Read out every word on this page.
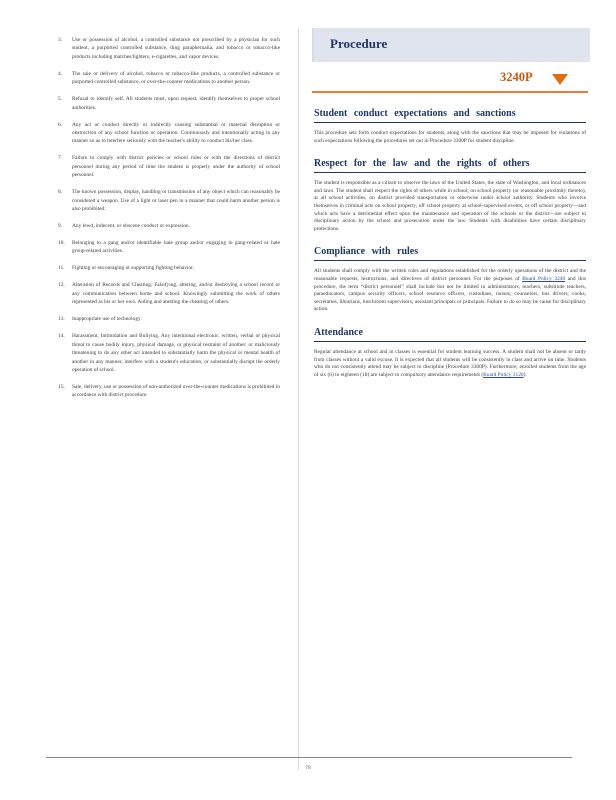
3.	Use or possession of alcohol, a controlled substance not prescribed by a physician for such student, a purported controlled substance, drug paraphernalia, and tobacco or tobacco-like products including matches/lighters, e-cigarettes, and vapor devices.
4.	The sale or delivery of alcohol, tobacco or tobacco-like products, a controlled substance or purported controlled substance, or over-the-counter medications to another person.
5.	Refusal to identify self. All students must, upon request, identify themselves to proper school authorities.
6.	Any act or conduct directly or indirectly causing substantial or material disruption or obstruction of any school function or operation. Continuously and intentionally acting in any manner so as to interfere seriously with the teacher's ability to conduct his/her class.
7.	Failure to comply with district policies or school rules or with the directions of district personnel during any period of time the student is properly under the authority of school personnel.
8.	The known possession, display, handling or transmission of any object which can reasonably be considered a weapon. Use of a light or laser pen in a manner that could harm another person is also prohibited.
9.	Any lewd, indecent, or obscene conduct or expression.
10.	Belonging to a gang and/or identifiable hate group and/or engaging in gang-related or hate group-related activities.
11.	Fighting or encouraging or supporting fighting behavior.
12.	Alteration of Records and Cheating. Falsifying, altering, and/or destroying a school record or any communication between home and school. Knowingly submitting the work of others represented as his or her own. Aiding and abetting the cheating of others.
13.	Inappropriate use of technology.
14.	Harassment, Intimidation and Bullying. Any intentional electronic, written, verbal or physical threat to cause bodily injury, physical damage, or physical restraint of another; or maliciously threatening to do any other act intended to substantially harm the physical or mental health of another in any manner, interfere with a student's education, or substantially disrupt the orderly operation of school.
15.	Sale, delivery, use or possession of non-authorized over-the-counter medications is prohibited in accordance with district procedure.
Procedure
3240P
Student conduct expectations and sanctions

This procedure sets forth conduct expectations for students, along with the sanctions that may be imposed for violations of such expectations following the procedures set out in Procedure 3300P for student discipline.

Respect for the law and the rights of others

The student is responsible as a citizen to observe the laws of the United States, the state of Washington, and local ordinances and laws. The student shall respect the rights of others while in school, on school property (or reasonable proximity thereto), at all school activities, on district provided transportation or otherwise under school authority. Students who involve themselves in criminal acts on school property, off school property at school-supervised events, or off school property—and which acts have a detrimental effect upon the maintenance and operation of the schools or the district—are subject to disciplinary action by the school and prosecution under the law. Students with disabilities have certain disciplinary protections.

Compliance with rules

All students shall comply with the written rules and regulations established for the orderly operations of the district and the reasonable requests, instructions, and directives of district personnel. For the purposes of Board Policy 3240 and this procedure, the term “district personnel” shall include but not be limited to administrators, teachers, substitute teachers, paraeducators, campus security officers, school resource officers, custodians, nurses, counselors, bus drivers, cooks, secretaries, librarians, lunchroom supervisors, assistant principals or principals. Failure to do so may be cause for disciplinary action.

Attendance

Regular attendance at school and in classes is essential for student learning success. A student shall not be absent or tardy from classes without a valid excuse. It is expected that all students will be consistently in class and arrive on time. Students who do not consistently attend may be subject to discipline (Procedure 3300P). Furthermore, enrolled students from the age of six (6) to eighteen (18) are subject to compulsory attendance requirements (Board Policy 3120).

78
